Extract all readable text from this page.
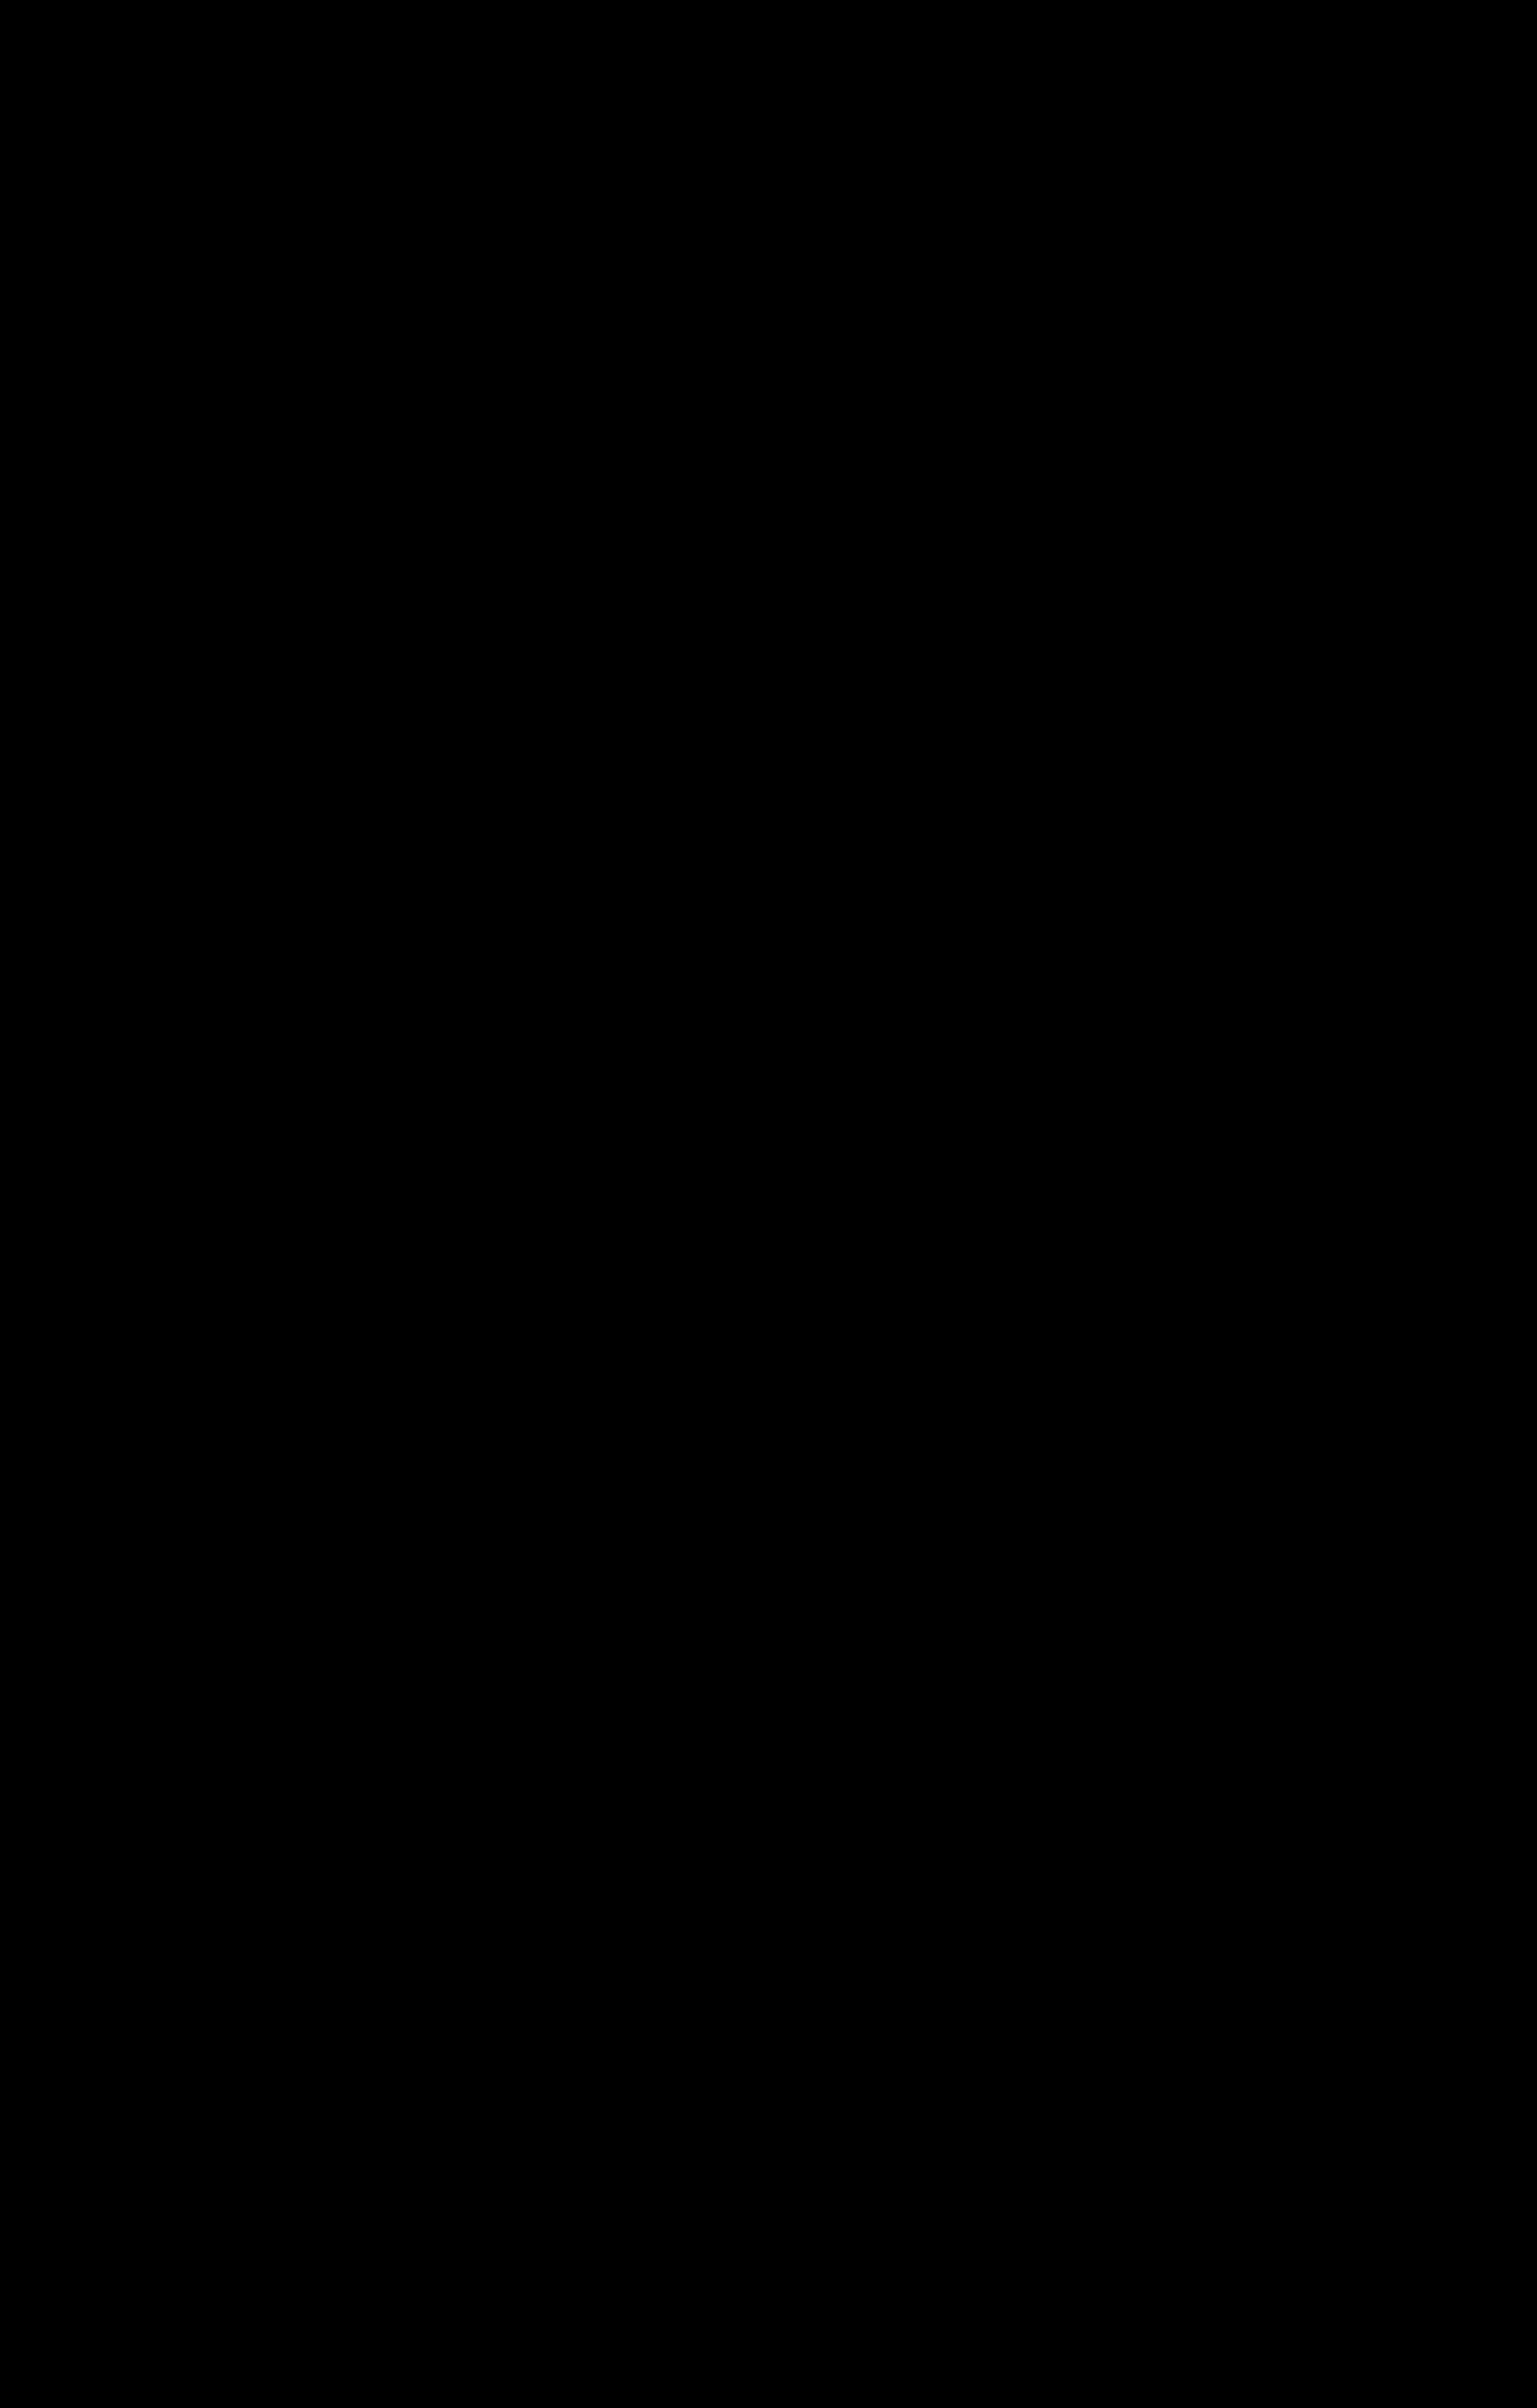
κοπός του πειράματος
Ένα από τα σημαντικότερα ερωτήματα της εξελικτικής βιολογίας παραμένει
διασάφηση των μηχανισμών φυσικής επιλογής που καθιστούν τα είδη ικανά να
προσαρμόζονται σε αλλαγές του περιβάλλοντος μέσω της γενετικής παρέκκλισης, της
γονιδιακής ροής και των μεταλλάξεων. Μέχρι σήμερα έχουν βρεθεί αρκετά γονίδια
τα οποία μαρτυρούν την δράση της φυσικής επιλογής είτε αυτή είναι η
σταθεροποιούσα, η κατευθύνουσα, η διαφοροποιούσα ή ακόμα η συχνω-εξαρτώμενη
επιλογή. Οι μηχανισμοί αυτοί δεν είναι εύκολο να μελετηθούν σε επίπεδο DNA σε
πολλούς οργανισμούς. Το πρόβλημα αυτό οφείλεται, πρώτον στον δύσκολο
προσδιορισμό και εντοπισμό των γονιδίων που είναι κατάλληλα για τέτοιου είδους
μελέτης, σε οργανισμούς που δεν έχουν χρησιμοποιηθεί ως πρότυπα μελέτης και
δεύτερον στην έλλειψη πληροφοριών που υπάρχουν για την λειτουργία των γονιδίων
αυτών.
Τα γονίδια του Μείζονος Σύμπλεγματος Ιστοσυμβατότητας (MHC) αποτελούν
ιδανικά πρότυπα μελέτης για την επίδραση της φυσικής επιλογής. Τα γονίδια αυτά
εκτός από την επίδραση που ασκούν στη φυσική κατάσταση ενός οργανισμού, εκτός
από το λειτουργικό τους ρόλο στην ανοσιακή απάντηση, σχετίζονται και με
διαδικασίες όπως η βιωσιμότητα, η επιλογή του συντρόφου, η δυναμική του
σπέρματος, τα επίπεδα της τεστοστερόνης και παραγωγής ωαρίων και γάλακτος.
(Finchet al., 1995, Schantz et al., 1996) Έτσι τα γονίδια του MHC προσφέρουν
αρκετές πληροφορίες και αποτελούν ίσως τα μοναδικά γονίδια που μπορούν να
χρησιμοποιηθούν για μελέτες προσαρμογής στο περιβάλλον των φυσικών πληθυσμών
διαφόρων ειδών.
Ο σκοπός της παρούσας εργασίας είναι η μελέτη του πολυμορφισμού των γονιδίων
DQA1 και DQA2 σε φυσικούς πληθυσμούς προβάτων του είδους Ovis aries από
διάφορες περιοχές του ελλαδικού χώρου με τη χρήση μοριακών τεχνικών.
Μελετήθηκαν 58 άτομα για το 2$^o$ εξώνιο του γονιδίου DQA2 και 82 άτομα για το 2$^o$
εξώνιο του γονιδίου DQA1. Για το σκοπό αυτό έγινε σε πρώτο στάδιο σε όλα τα
άτομα απομόνωση του πυρηνικού DNA και στη συνέχεια ενίσχυση των παραπάνω
γονιδίων με την μεθοδο της Αλυσιδωτής Αντίδρασης Πολυμεράσης. (PCR). Στη
συνέχεια για την εύρεση του πολυμορφισμού εφαρμόστηκε η μέθοδος SSCP, η οποία
επέτρεψε τον προσδιορισμό των ομόζυγων και ετερόζυγων ατόμων σε κάθε είδος.
50
